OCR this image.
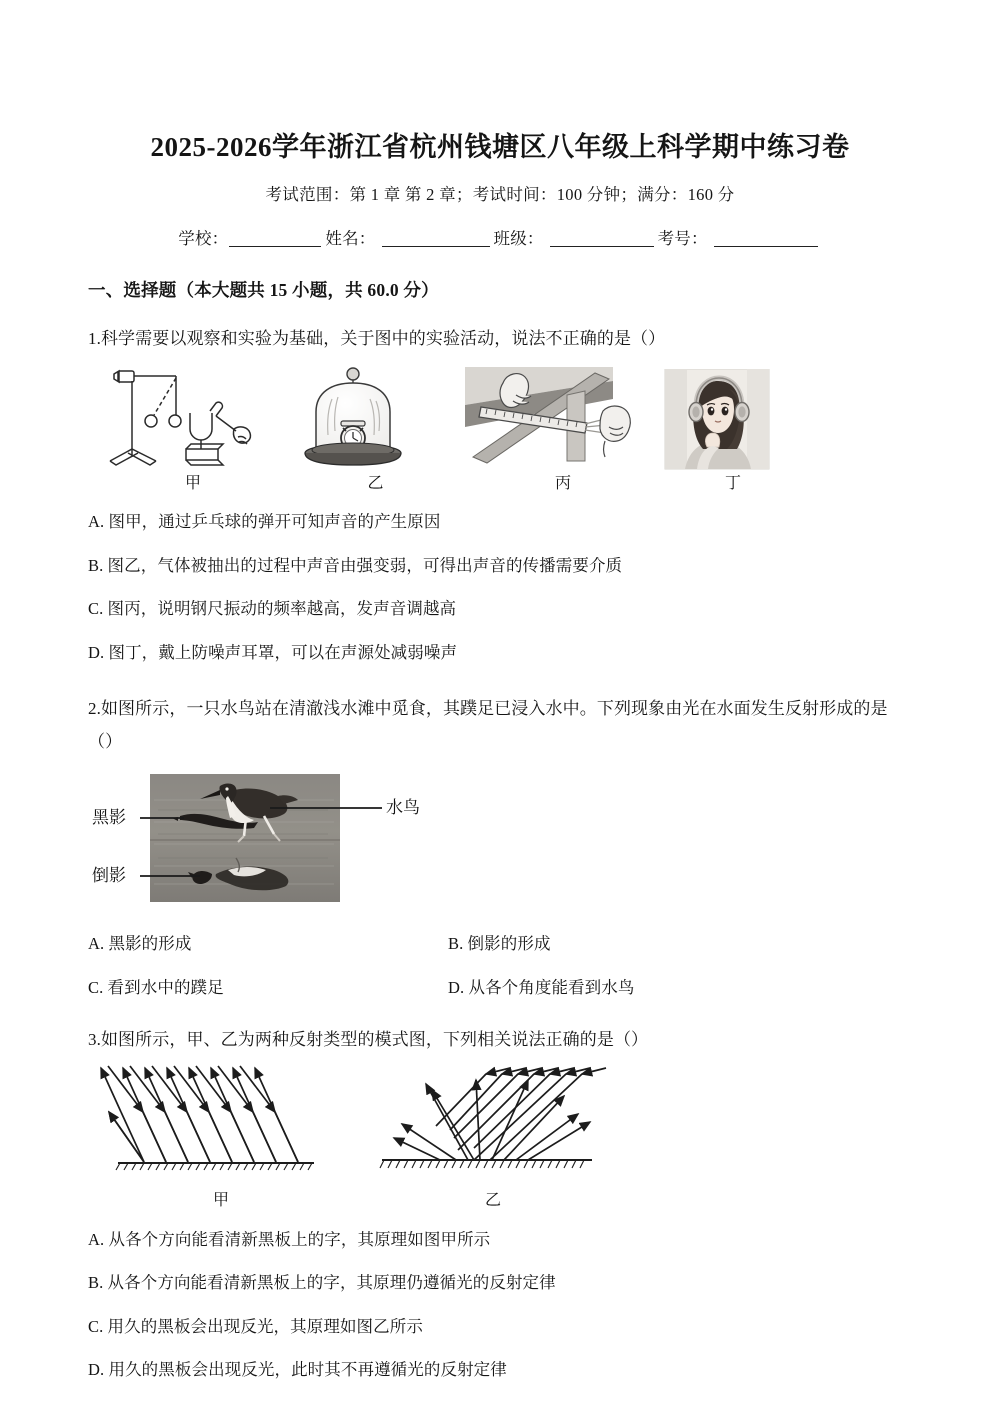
2025-2026学年浙江省杭州钱塘区八年级上科学期中练习卷
考试范围：第 1 章 第 2 章；考试时间：100 分钟；满分：160 分
学校：	姓名：	班级：	考号：
一、选择题（本大题共 15 小题，共 60.0 分）
1.科学需要以观察和实验为基础，关于图中的实验活动，说法不正确的是（）
甲	乙	丙	丁
A. 图甲，通过乒乓球的弹开可知声音的产生原因
B. 图乙，气体被抽出的过程中声音由强变弱，可得出声音的传播需要介质
C. 图丙，说明钢尺振动的频率越高，发声音调越高
D. 图丁，戴上防噪声耳罩，可以在声源处减弱噪声
2.如图所示，一只水鸟站在清澈浅水滩中觅食，其蹼足已浸入水中。下列现象由光在水面发生反射形成的是（）
黑影
倒影
水鸟
A. 黑影的形成	B. 倒影的形成
C. 看到水中的蹼足	D. 从各个角度能看到水鸟
3.如图所示，甲、乙为两种反射类型的模式图，下列相关说法正确的是（）
甲	乙
A. 从各个方向能看清新黑板上的字，其原理如图甲所示
B. 从各个方向能看清新黑板上的字，其原理仍遵循光的反射定律
C. 用久的黑板会出现反光，其原理如图乙所示
D. 用久的黑板会出现反光，此时其不再遵循光的反射定律
